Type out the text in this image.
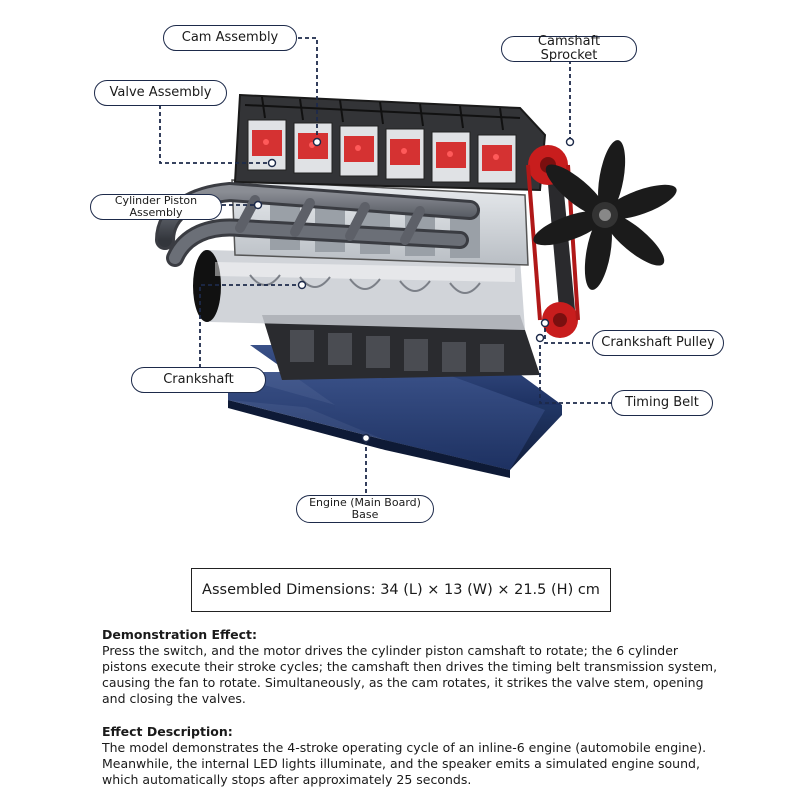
Cam Assembly	Camshaft Sprocket
Valve Assembly
Cylinder Piston
Assembly
Crankshaft Pulley
Crankshaft
Timing Belt
Engine (Main Board)
Base
Assembled Dimensions: 34 (L) × 13 (W) × 21.5 (H) cm
Demonstration Effect:

Press the switch, and the motor drives the cylinder piston camshaft to rotate; the 6 cylinder pistons execute their stroke cycles; the camshaft then drives the timing belt transmission system, causing the fan to rotate. Simultaneously, as the cam rotates, it strikes the valve stem, opening and closing the valves.

Effect Description:

The model demonstrates the 4-stroke operating cycle of an inline-6 engine (automobile engine). Meanwhile, the internal LED lights illuminate, and the speaker emits a simulated engine sound, which automatically stops after approximately 25 seconds.
